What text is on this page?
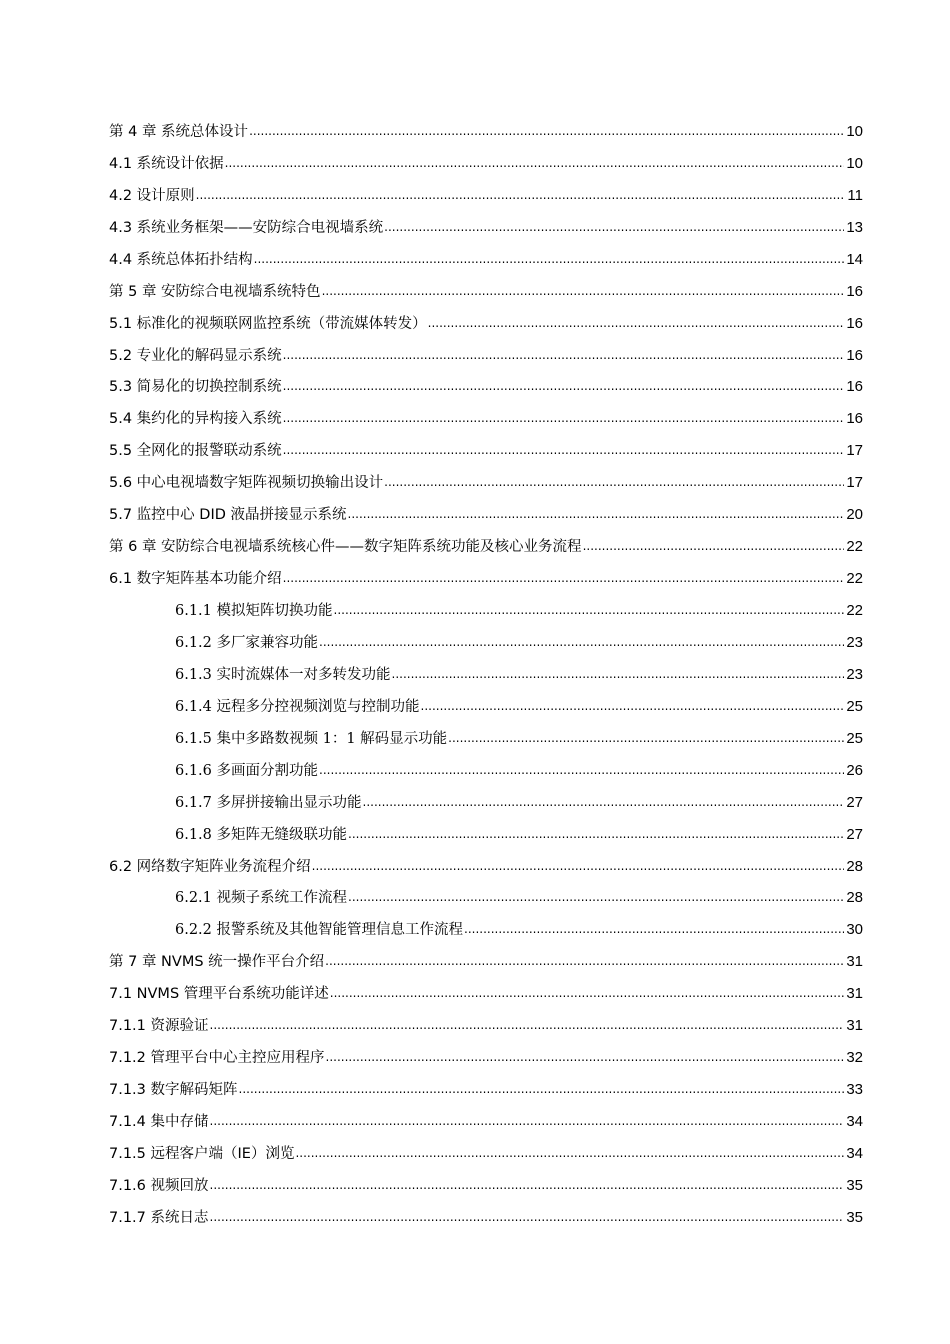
第 4 章 系统总体设计 .....	10
4.1 系统设计依据 .....	10
4.2 设计原则 .....	11
4.3 系统业务框架——安防综合电视墙系统 .....	13
4.4 系统总体拓扑结构 .....	14
第 5 章 安防综合电视墙系统特色 .....	16
5.1 标准化的视频联网监控系统（带流媒体转发） .....	16
5.2 专业化的解码显示系统 .....	16
5.3 简易化的切换控制系统 .....	16
5.4 集约化的异构接入系统 .....	16
5.5 全网化的报警联动系统 .....	17
5.6 中心电视墙数字矩阵视频切换输出设计 .....	17
5.7 监控中心 DID 液晶拼接显示系统 .....	20
第 6 章 安防综合电视墙系统核心件——数字矩阵系统功能及核心业务流程 .....	22
6.1 数字矩阵基本功能介绍 .....	22
6.1.1 模拟矩阵切换功能 .....	22
6.1.2 多厂家兼容功能 .....	23
6.1.3 实时流媒体一对多转发功能 .....	23
6.1.4 远程多分控视频浏览与控制功能 .....	25
6.1.5 集中多路数视频 1：1 解码显示功能 .....	25
6.1.6 多画面分割功能 .....	26
6.1.7 多屏拼接输出显示功能 .....	27
6.1.8 多矩阵无缝级联功能 .....	27
6.2 网络数字矩阵业务流程介绍 .....	28
6.2.1 视频子系统工作流程 .....	28
6.2.2 报警系统及其他智能管理信息工作流程 .....	30
第 7 章 NVMS 统一操作平台介绍 .....	31
7.1 NVMS 管理平台系统功能详述 .....	31
7.1.1 资源验证 .....	31
7.1.2 管理平台中心主控应用程序 .....	32
7.1.3 数字解码矩阵 .....	33
7.1.4 集中存储 .....	34
7.1.5 远程客户端（IE）浏览 .....	34
7.1.6 视频回放 .....	35
7.1.7 系统日志 .....	35
